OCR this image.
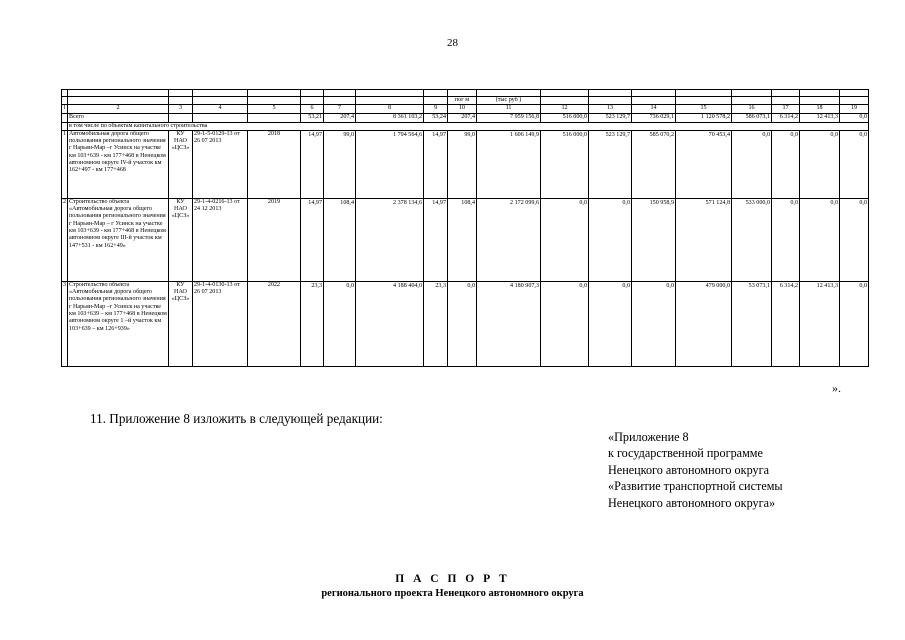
28

									пог м	(тыс руб )								
1	2	3	4	5	6	7	8	9	10	11	12	13	14	15	16	17	18	19
	Всего				53,21	207,4	8 361 103,2	53,24	207,4	7 959 156,8	516 000,0	523 129,7	736 029,1	1 120 578,2	586 073,1	6 314,2	12 413,3	0,0
	в том числе по объектам капитального строительства																	
1	Автомобильная дорога общего пользования регионального значения г Нарьян-Мар –г Усинск на участке км 103+639 - км 177+468 в Ненецком автономном округе IV-й участок км 162+497 - км 177+468	КУ НАО «ЦСЗ»	29-1-5-0129-13 от 26 07 2013	2018	14,97	99,0	1 794 564,6	14,97	99,0	1 606 149,9	516 000,0	523 129,7	585 070,2	70 453,4	0,0	0,0	0,0	0,0
2	Строительство объекта «Автомобильная дорога общего пользования регионального значения г Нарьян-Мар – г Усинск на участке км 103+639 - км 177+468 в Ненецком автономном округе III-й участок км 147+531 - км 162+49»	КУ НАО «ЦСЗ»	29-1-4-0216-13 от 24 12 2013	2019	14,97	108,4	2 378 134,6	14,97	108,4	2 172 099,6	0,0	0,0	150 958,9	571 124,8	533 000,0	0,0	0,0	0,0
3	Строительство объекта «Автомобильная дорога общего пользования регионального значения г Нарьян-Мар –г Усинск на участке км 103+639 – км 177+468 в Ненецком автономном округе 1 –й участок км 103+639 – км 126+939»	КУ НАО «ЦСЗ»	29-1-4-0130-13 от 26 07 2013	2022	23,3	0,0	4 188 404,0	23,3	0,0	4 180 907,3	0,0	0,0	0,0	479 000,0	53 073,1	6 314,2	12 413,3	0,0
».
11. Приложение 8 изложить в следующей редакции:
«Приложение 8
к государственной программе
Ненецкого автономного округа
«Развитие транспортной системы
Ненецкого автономного округа»
П А С П О Р Т
регионального проекта Ненецкого автономного округа
